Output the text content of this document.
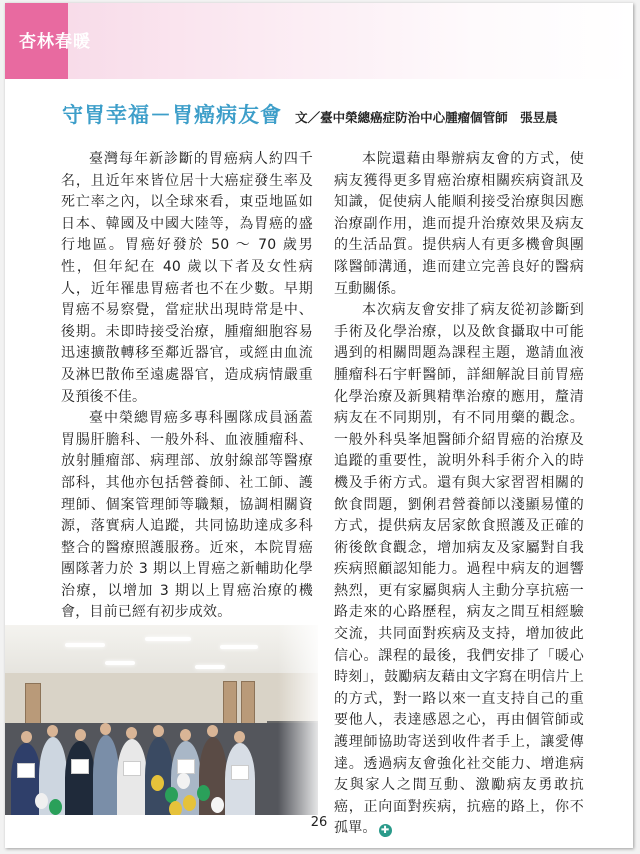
杏林春暖
守胃幸福－胃癌病友會 文／臺中榮總癌症防治中心腫瘤個管師　張昱晨

臺灣每年新診斷的胃癌病人約四千名，且近年來皆位居十大癌症發生率及死亡率之內，以全球來看，東亞地區如日本、韓國及中國大陸等，為胃癌的盛行地區。胃癌好發於 50 ～ 70 歲男性，但年紀在 40 歲以下者及女性病人，近年罹患胃癌者也不在少數。早期胃癌不易察覺，當症狀出現時常是中、後期。未即時接受治療，腫瘤細胞容易迅速擴散轉移至鄰近器官，或經由血流及淋巴散佈至遠處器官，造成病情嚴重及預後不佳。

臺中榮總胃癌多專科團隊成員涵蓋胃腸肝膽科、一般外科、血液腫瘤科、放射腫瘤部、病理部、放射線部等醫療部科，其他亦包括營養師、社工師、護理師、個案管理師等職類，協調相關資源，落實病人追蹤，共同協助達成多科整合的醫療照護服務。近來，本院胃癌團隊著力於 3 期以上胃癌之新輔助化學治療，以增加 3 期以上胃癌治療的機會，目前已經有初步成效。

本院還藉由舉辦病友會的方式，使病友獲得更多胃癌治療相關疾病資訊及知識，促使病人能順利接受治療與因應治療副作用，進而提升治療效果及病友的生活品質。提供病人有更多機會與團隊醫師溝通，進而建立完善良好的醫病互動關係。

本次病友會安排了病友從初診斷到手術及化學治療，以及飲食攝取中可能遇到的相關問題為課程主題，邀請血液腫瘤科石宇軒醫師，詳細解說目前胃癌化學治療及新興精準治療的應用，釐清病友在不同期別，有不同用藥的觀念。一般外科吳峯旭醫師介紹胃癌的治療及追蹤的重要性，說明外科手術介入的時機及手術方式。還有與大家習習相關的飲食問題，劉俐君營養師以淺顯易懂的方式，提供病友居家飲食照護及正確的術後飲食觀念，增加病友及家屬對自我疾病照顧認知能力。過程中病友的迴響熱烈，更有家屬與病人主動分享抗癌一路走來的心路歷程，病友之間互相經驗交流，共同面對疾病及支持，增加彼此信心。課程的最後，我們安排了「暖心時刻」，鼓勵病友藉由文字寫在明信片上的方式，對一路以來一直支持自己的重要他人，表達感恩之心，再由個管師或護理師協助寄送到收件者手上，讓愛傳達。透過病友會強化社交能力、增進病友與家人之間互動、激勵病友勇敢抗癌，正向面對疾病，抗癌的路上，你不孤單。 ✚

26
